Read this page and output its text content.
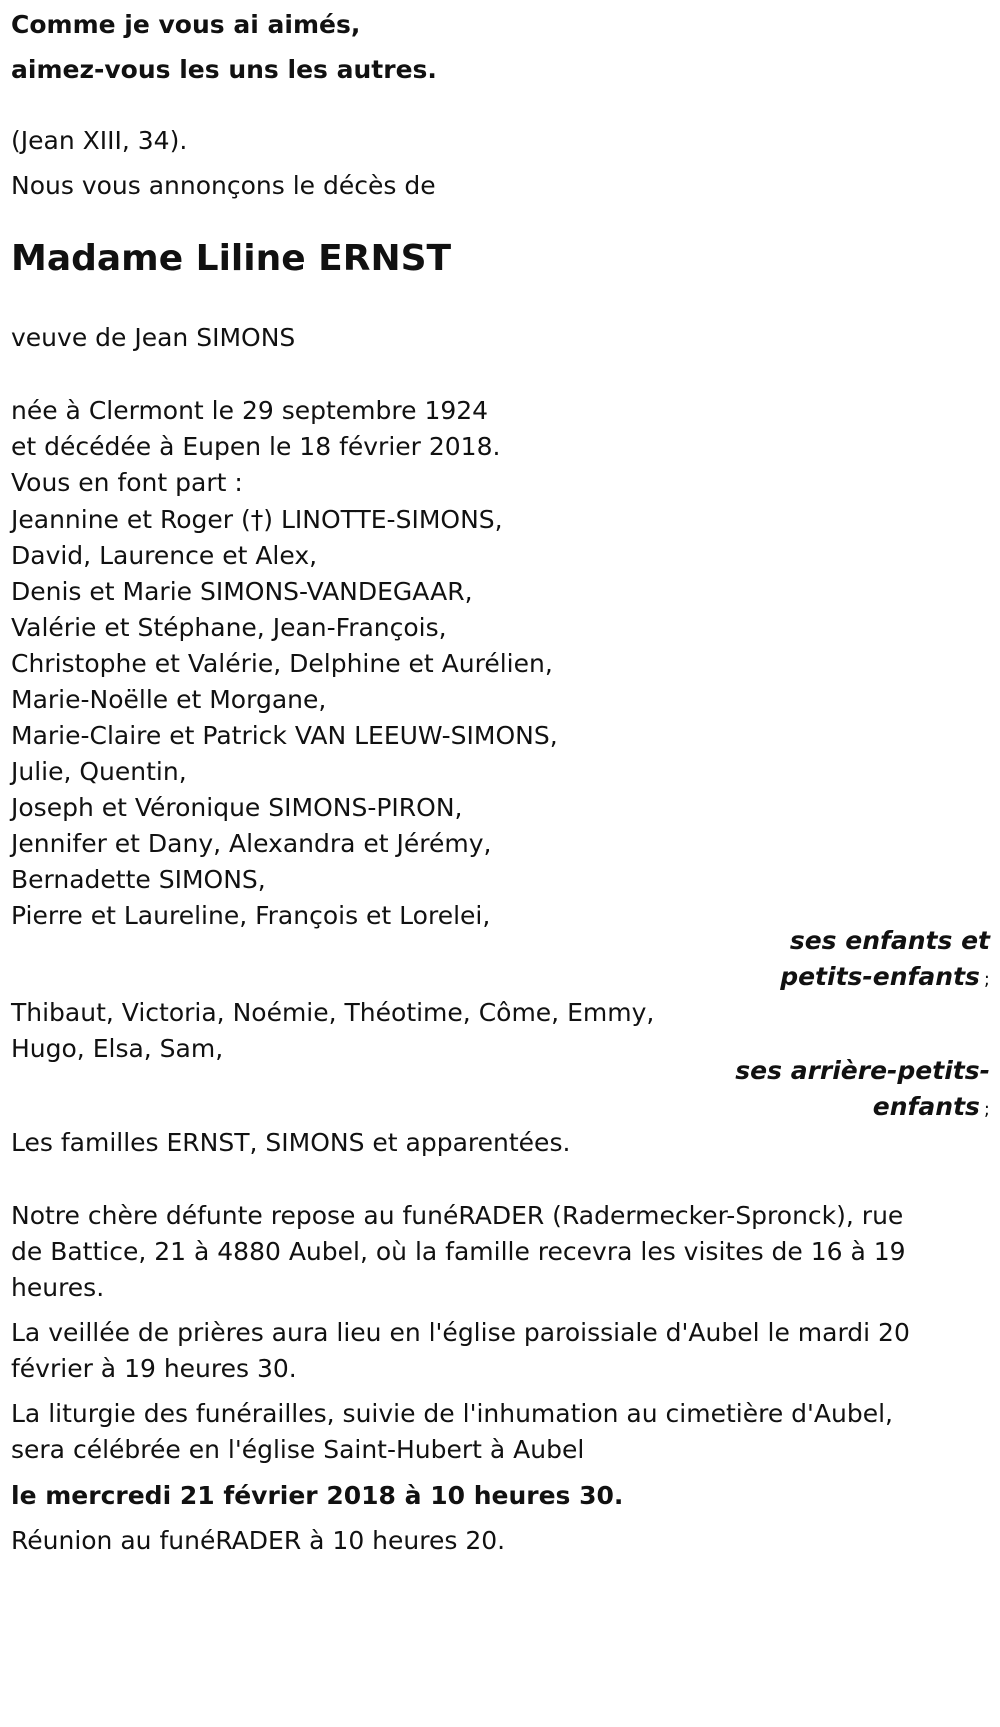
Comme je vous ai aimés,
aimez-vous les uns les autres.
(Jean XIII, 34).
Nous vous annonçons le décès de
Madame Liline ERNST
veuve de Jean SIMONS
née à Clermont le 29 septembre 1924
et décédée à Eupen le 18 février 2018.
Vous en font part :
Jeannine et Roger (†) LINOTTE-SIMONS,
David, Laurence et Alex,
Denis et Marie SIMONS-VANDEGAAR,
Valérie et Stéphane, Jean-François,
Christophe et Valérie, Delphine et Aurélien,
Marie-Noëlle et Morgane,
Marie-Claire et Patrick VAN LEEUW-SIMONS,
Julie, Quentin,
Joseph et Véronique SIMONS-PIRON,
Jennifer et Dany, Alexandra et Jérémy,
Bernadette SIMONS,
Pierre et Laureline, François et Lorelei,
ses enfants et
petits-enfants ;
Thibaut, Victoria, Noémie, Théotime, Côme, Emmy,
Hugo, Elsa, Sam,
ses arrière-petits-
enfants ;
Les familles ERNST, SIMONS et apparentées.
Notre chère défunte repose au funéRADER (Radermecker-Spronck), rue
de Battice, 21 à 4880 Aubel, où la famille recevra les visites de 16 à 19
heures.
La veillée de prières aura lieu en l'église paroissiale d'Aubel le mardi 20
février à 19 heures 30.
La liturgie des funérailles, suivie de l'inhumation au cimetière d'Aubel,
sera célébrée en l'église Saint-Hubert à Aubel
le mercredi 21 février 2018 à 10 heures 30.
Réunion au funéRADER à 10 heures 20.
